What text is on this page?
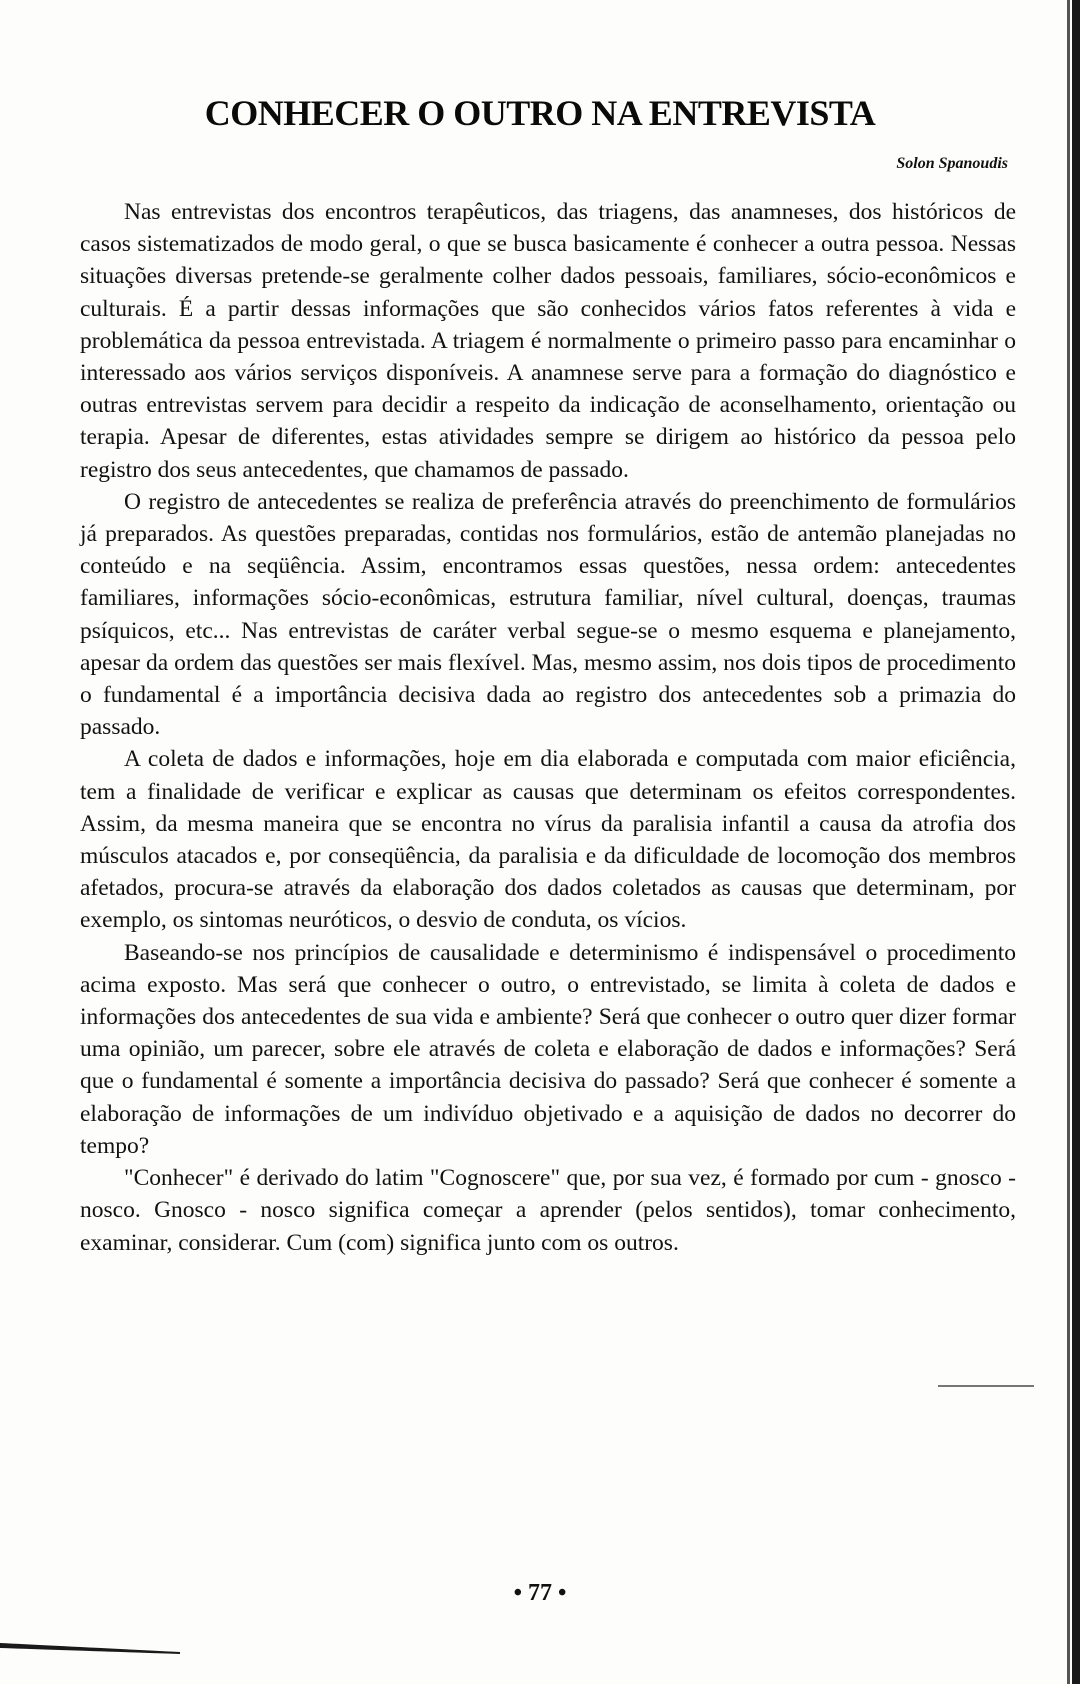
CONHECER O OUTRO NA ENTREVISTA
Solon Spanoudis

Nas entrevistas dos encontros terapêuticos, das triagens, das anamneses, dos históricos de casos sistematizados de modo geral, o que se busca basicamente é conhecer a outra pessoa. Nessas situações diversas pretende-se geralmente colher dados pessoais, familiares, sócio-econômicos e culturais. É a partir dessas informações que são conhecidos vários fatos referentes à vida e problemática da pessoa entrevistada. A triagem é normalmente o primeiro passo para encaminhar o interessado aos vários serviços disponíveis. A anamnese serve para a formação do diagnóstico e outras entrevistas servem para decidir a respeito da indicação de aconselhamento, orientação ou terapia. Apesar de diferentes, estas atividades sempre se dirigem ao histórico da pessoa pelo registro dos seus antecedentes, que chamamos de passado.

O registro de antecedentes se realiza de preferência através do preenchimento de formulários já preparados. As questões preparadas, contidas nos formulários, estão de antemão planejadas no conteúdo e na seqüência. Assim, encontramos essas questões, nessa ordem: antecedentes familiares, informações sócio-econômicas, estrutura familiar, nível cultural, doenças, traumas psíquicos, etc... Nas entrevistas de caráter verbal segue-se o mesmo esquema e planejamento, apesar da ordem das questões ser mais flexível. Mas, mesmo assim, nos dois tipos de procedimento o fundamental é a importância decisiva dada ao registro dos antecedentes sob a primazia do passado.

A coleta de dados e informações, hoje em dia elaborada e computada com maior eficiência, tem a finalidade de verificar e explicar as causas que determinam os efeitos correspondentes. Assim, da mesma maneira que se encontra no vírus da paralisia infantil a causa da atrofia dos músculos atacados e, por conseqüência, da paralisia e da dificuldade de locomoção dos membros afetados, procura-se através da elaboração dos dados coletados as causas que determinam, por exemplo, os sintomas neuróticos, o desvio de conduta, os vícios.

Baseando-se nos princípios de causalidade e determinismo é indispensável o procedimento acima exposto. Mas será que conhecer o outro, o entrevistado, se limita à coleta de dados e informações dos antecedentes de sua vida e ambiente? Será que conhecer o outro quer dizer formar uma opinião, um parecer, sobre ele através de coleta e elaboração de dados e informações? Será que o fundamental é somente a importância decisiva do passado? Será que conhecer é somente a elaboração de informações de um indivíduo objetivado e a aquisição de dados no decorrer do tempo?

"Conhecer" é derivado do latim "Cognoscere" que, por sua vez, é formado por cum - gnosco - nosco. Gnosco - nosco significa começar a aprender (pelos sentidos), tomar conhecimento, examinar, considerar. Cum (com) significa junto com os outros.

• 77 •
